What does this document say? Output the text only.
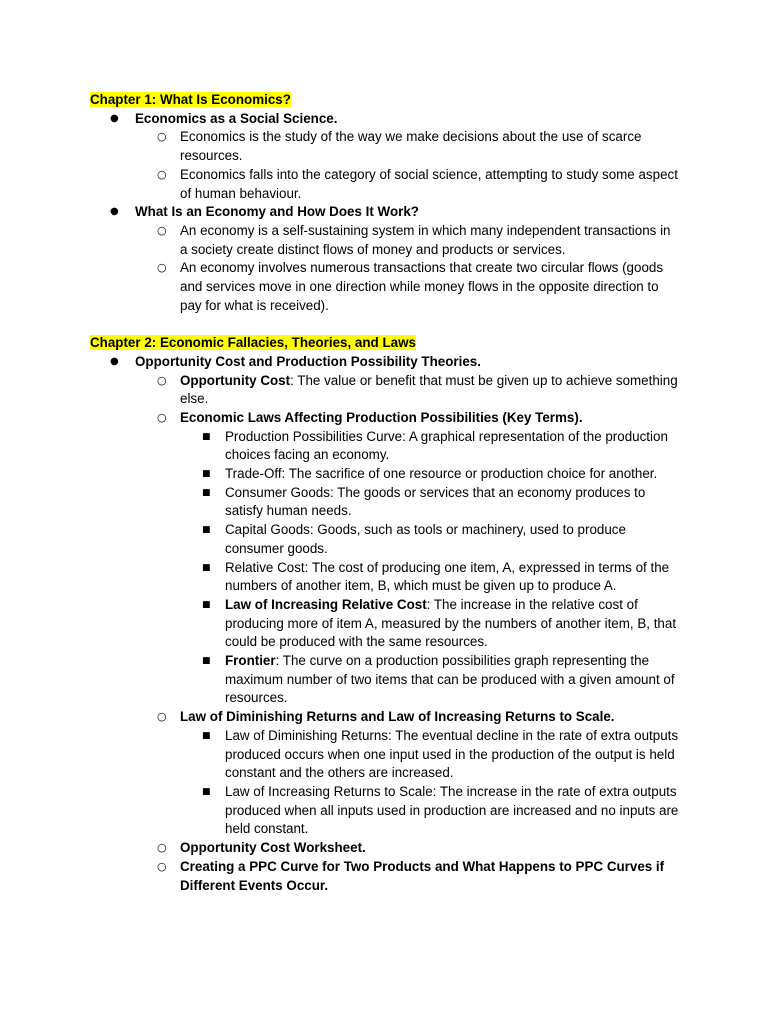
Chapter 1: What Is Economics?
● Economics as a Social Science.
○ Economics is the study of the way we make decisions about the use of scarce resources.
○ Economics falls into the category of social science, attempting to study some aspect of human behaviour.
● What Is an Economy and How Does It Work?
○ An economy is a self-sustaining system in which many independent transactions in a society create distinct flows of money and products or services.
○ An economy involves numerous transactions that create two circular flows (goods and services move in one direction while money flows in the opposite direction to pay for what is received).
Chapter 2: Economic Fallacies, Theories, and Laws
● Opportunity Cost and Production Possibility Theories.
○ Opportunity Cost: The value or benefit that must be given up to achieve something else.
○ Economic Laws Affecting Production Possibilities (Key Terms).
■ Production Possibilities Curve: A graphical representation of the production choices facing an economy.
■ Trade-Off: The sacrifice of one resource or production choice for another.
■ Consumer Goods: The goods or services that an economy produces to satisfy human needs.
■ Capital Goods: Goods, such as tools or machinery, used to produce consumer goods.
■ Relative Cost: The cost of producing one item, A, expressed in terms of the numbers of another item, B, which must be given up to produce A.
■ Law of Increasing Relative Cost: The increase in the relative cost of producing more of item A, measured by the numbers of another item, B, that could be produced with the same resources.
■ Frontier: The curve on a production possibilities graph representing the maximum number of two items that can be produced with a given amount of resources.
○ Law of Diminishing Returns and Law of Increasing Returns to Scale.
■ Law of Diminishing Returns: The eventual decline in the rate of extra outputs produced occurs when one input used in the production of the output is held constant and the others are increased.
■ Law of Increasing Returns to Scale: The increase in the rate of extra outputs produced when all inputs used in production are increased and no inputs are held constant.
○ Opportunity Cost Worksheet.
○ Creating a PPC Curve for Two Products and What Happens to PPC Curves if Different Events Occur.
